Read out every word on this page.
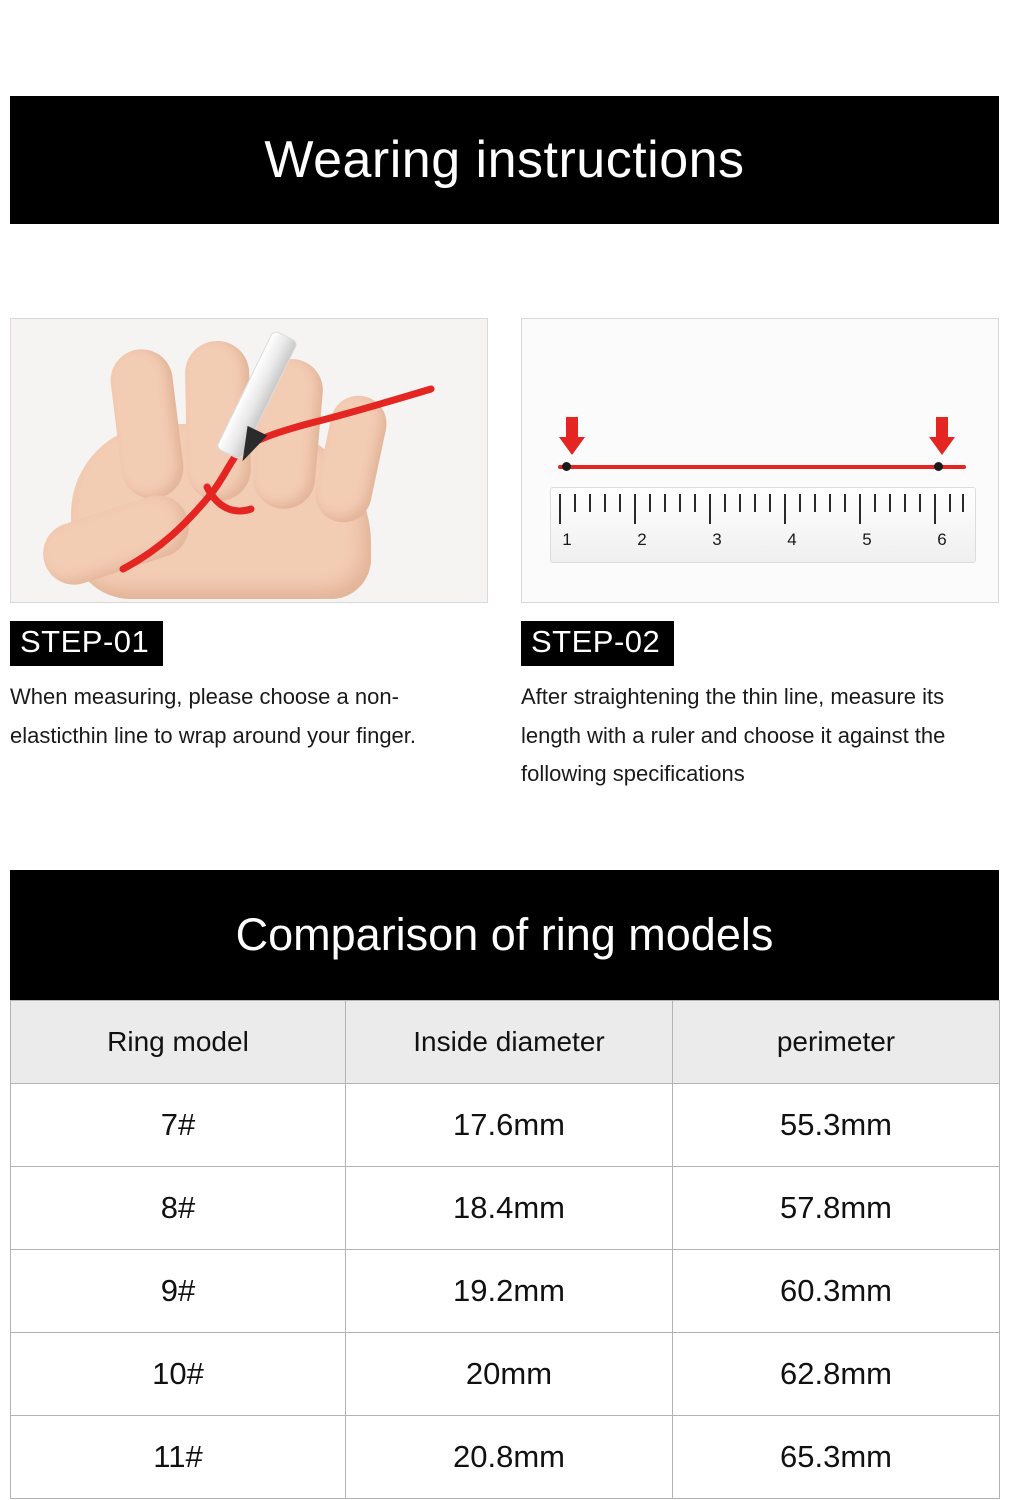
Wearing instructions
STEP-01
When measuring, please choose a non-elasticthin line to wrap around your finger.
1	2	3	4	5	6
STEP-02
After straightening the thin line, measure its length with a ruler and choose it against the following specifications
Comparison of ring models
Ring model	Inside diameter	perimeter
7#	17.6mm	55.3mm
8#	18.4mm	57.8mm
9#	19.2mm	60.3mm
10#	20mm	62.8mm
11#	20.8mm	65.3mm
